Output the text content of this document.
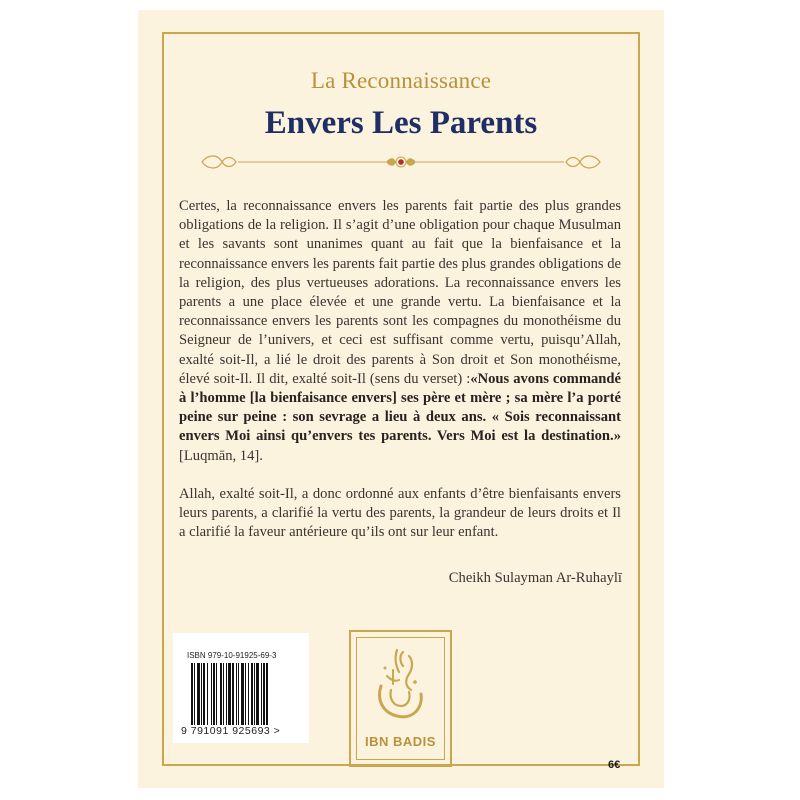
La Reconnaissance
Envers Les Parents

Certes, la reconnaissance envers les parents fait partie des plus grandes obligations de la religion. Il s’agit d’une obligation pour chaque Musulman et les savants sont unanimes quant au fait que la bienfaisance et la reconnaissance envers les parents fait partie des plus grandes obligations de la religion, des plus vertueuses adorations. La reconnaissance envers les parents a une place élevée et une grande vertu. La bienfaisance et la reconnaissance envers les parents sont les compagnes du monothéisme du Seigneur de l’univers, et ceci est suffisant comme vertu, puisqu’Allah, exalté soit-Il, a lié le droit des parents à Son droit et Son monothéisme, élevé soit-Il. Il dit, exalté soit-Il (sens du verset) :«Nous avons commandé à l’homme [la bienfaisance envers] ses père et mère ; sa mère l’a porté peine sur peine : son sevrage a lieu à deux ans. « Sois reconnaissant envers Moi ainsi qu’envers tes parents. Vers Moi est la destination.» [Luqmān, 14].

Allah, exalté soit-Il, a donc ordonné aux enfants d’être bienfaisants envers leurs parents, a clarifié la vertu des parents, la grandeur de leurs droits et Il a clarifié la faveur antérieure qu’ils ont sur leur enfant.

Cheikh Sulayman Ar-Ruhaylī
ISBN 979-10-91925-69-3
9 791091 925693 >
IBN BADIS
6€
